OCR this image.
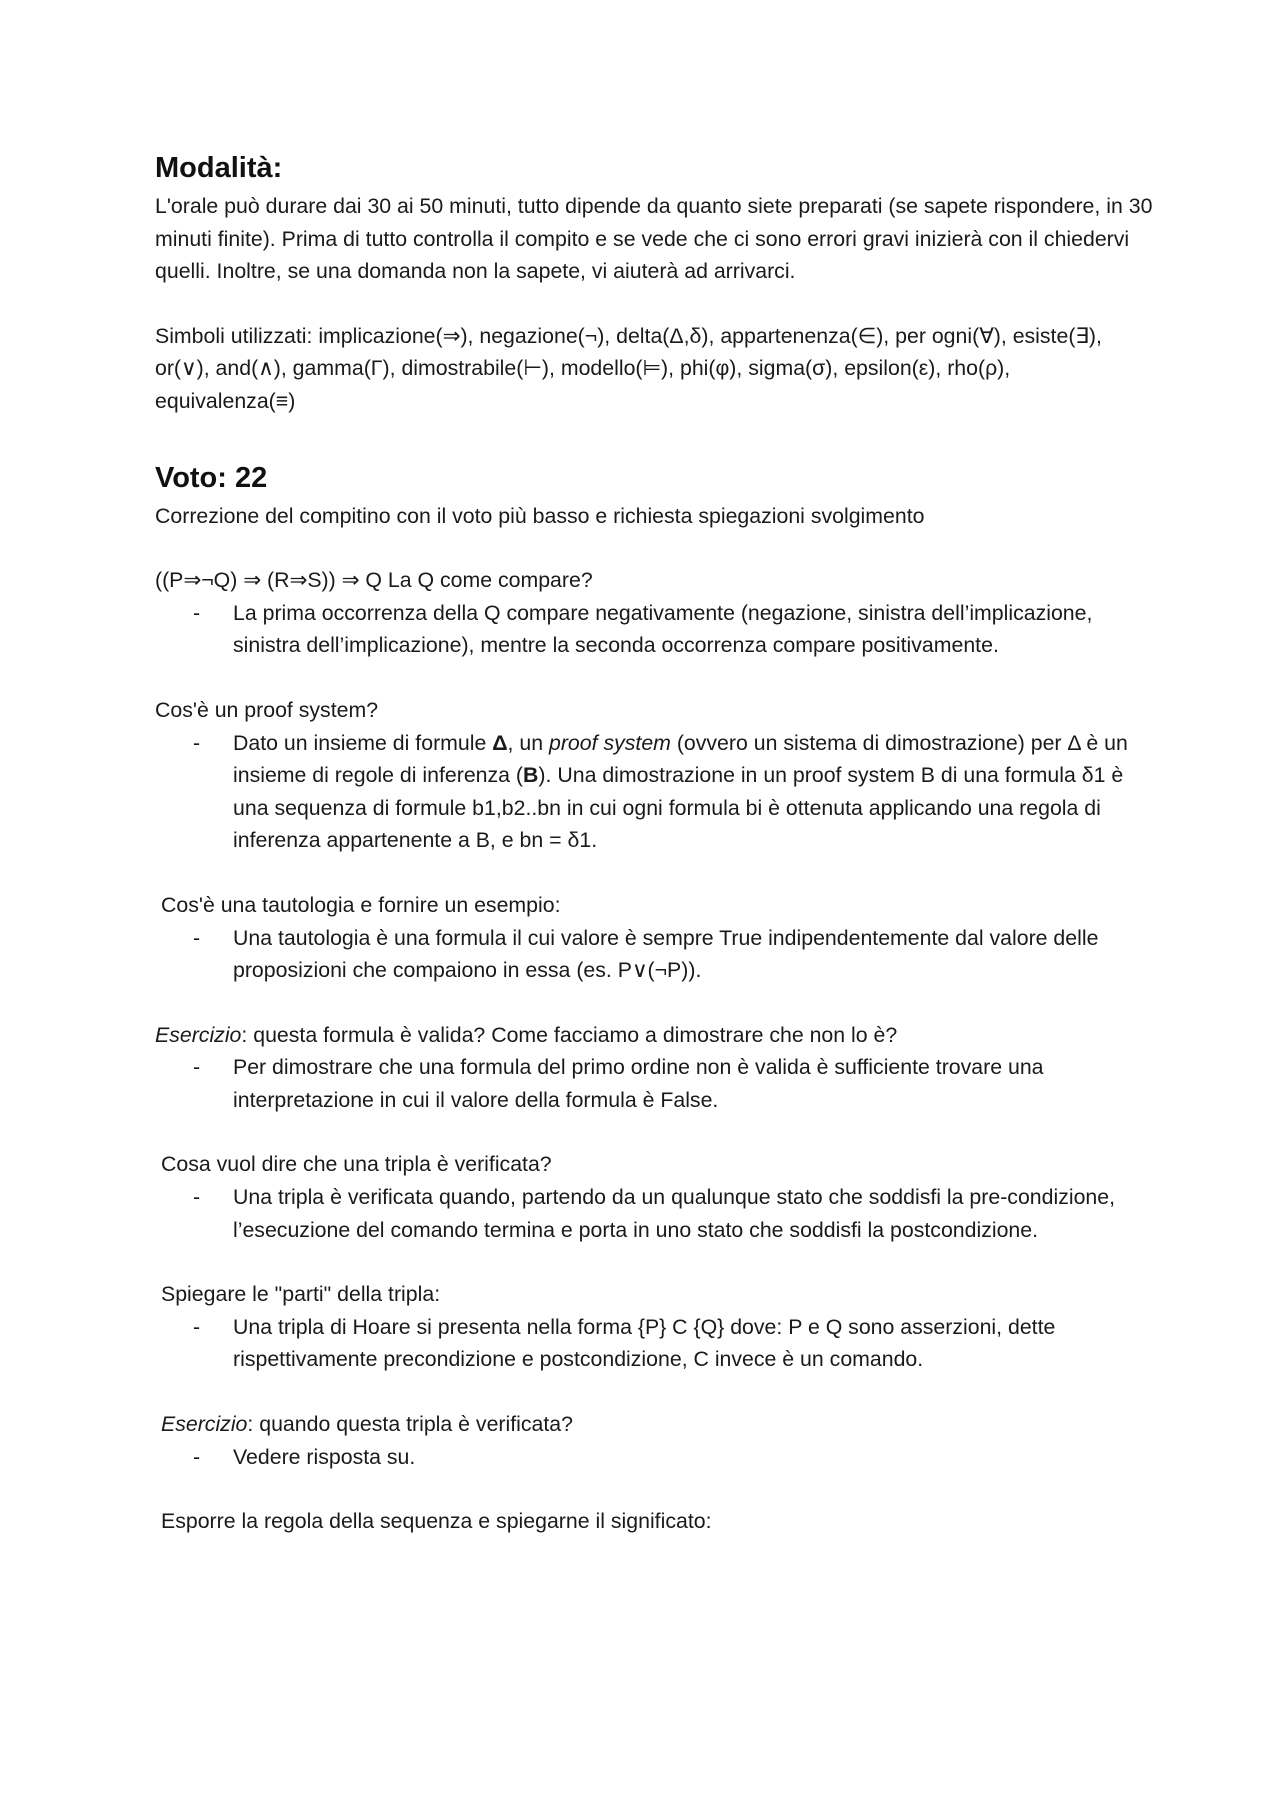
Modalità:

L'orale può durare dai 30 ai 50 minuti, tutto dipende da quanto siete preparati (se sapete rispondere, in 30 minuti finite). Prima di tutto controlla il compito e se vede che ci sono errori gravi inizierà con il chiedervi quelli. Inoltre, se una domanda non la sapete, vi aiuterà ad arrivarci.

Simboli utilizzati: implicazione(⇒), negazione(¬), delta(Δ,δ), appartenenza(∈), per ogni(∀), esiste(∃), or(∨), and(∧), gamma(Γ), dimostrabile(⊢), modello(⊨), phi(φ), sigma(σ), epsilon(ε), rho(ρ), equivalenza(≡)

Voto: 22

Correzione del compitino con il voto più basso e richiesta spiegazioni svolgimento

((P⇒¬Q) ⇒ (R⇒S)) ⇒ Q La Q come compare?

-	La prima occorrenza della Q compare negativamente (negazione, sinistra dell’implicazione, sinistra dell’implicazione), mentre la seconda occorrenza compare positivamente.

Cos'è un proof system?

-	Dato un insieme di formule Δ, un proof system (ovvero un sistema di dimostrazione) per Δ è un insieme di regole di inferenza (B). Una dimostrazione in un proof system B di una formula δ1 è una sequenza di formule b1,b2..bn in cui ogni formula bi è ottenuta applicando una regola di inferenza appartenente a B, e bn = δ1.

Cos'è una tautologia e fornire un esempio:

-	Una tautologia è una formula il cui valore è sempre True indipendentemente dal valore delle proposizioni che compaiono in essa (es. P∨(¬P)).

Esercizio: questa formula è valida? Come facciamo a dimostrare che non lo è?

-	Per dimostrare che una formula del primo ordine non è valida è sufficiente trovare una interpretazione in cui il valore della formula è False.

Cosa vuol dire che una tripla è verificata?

-	Una tripla è verificata quando, partendo da un qualunque stato che soddisfi la pre-condizione, l’esecuzione del comando termina e porta in uno stato che soddisfi la postcondizione.

Spiegare le "parti" della tripla:

-	Una tripla di Hoare si presenta nella forma {P} C {Q} dove: P e Q sono asserzioni, dette rispettivamente precondizione e postcondizione, C invece è un comando.

Esercizio: quando questa tripla è verificata?

-	Vedere risposta su.

Esporre la regola della sequenza e spiegarne il significato:
